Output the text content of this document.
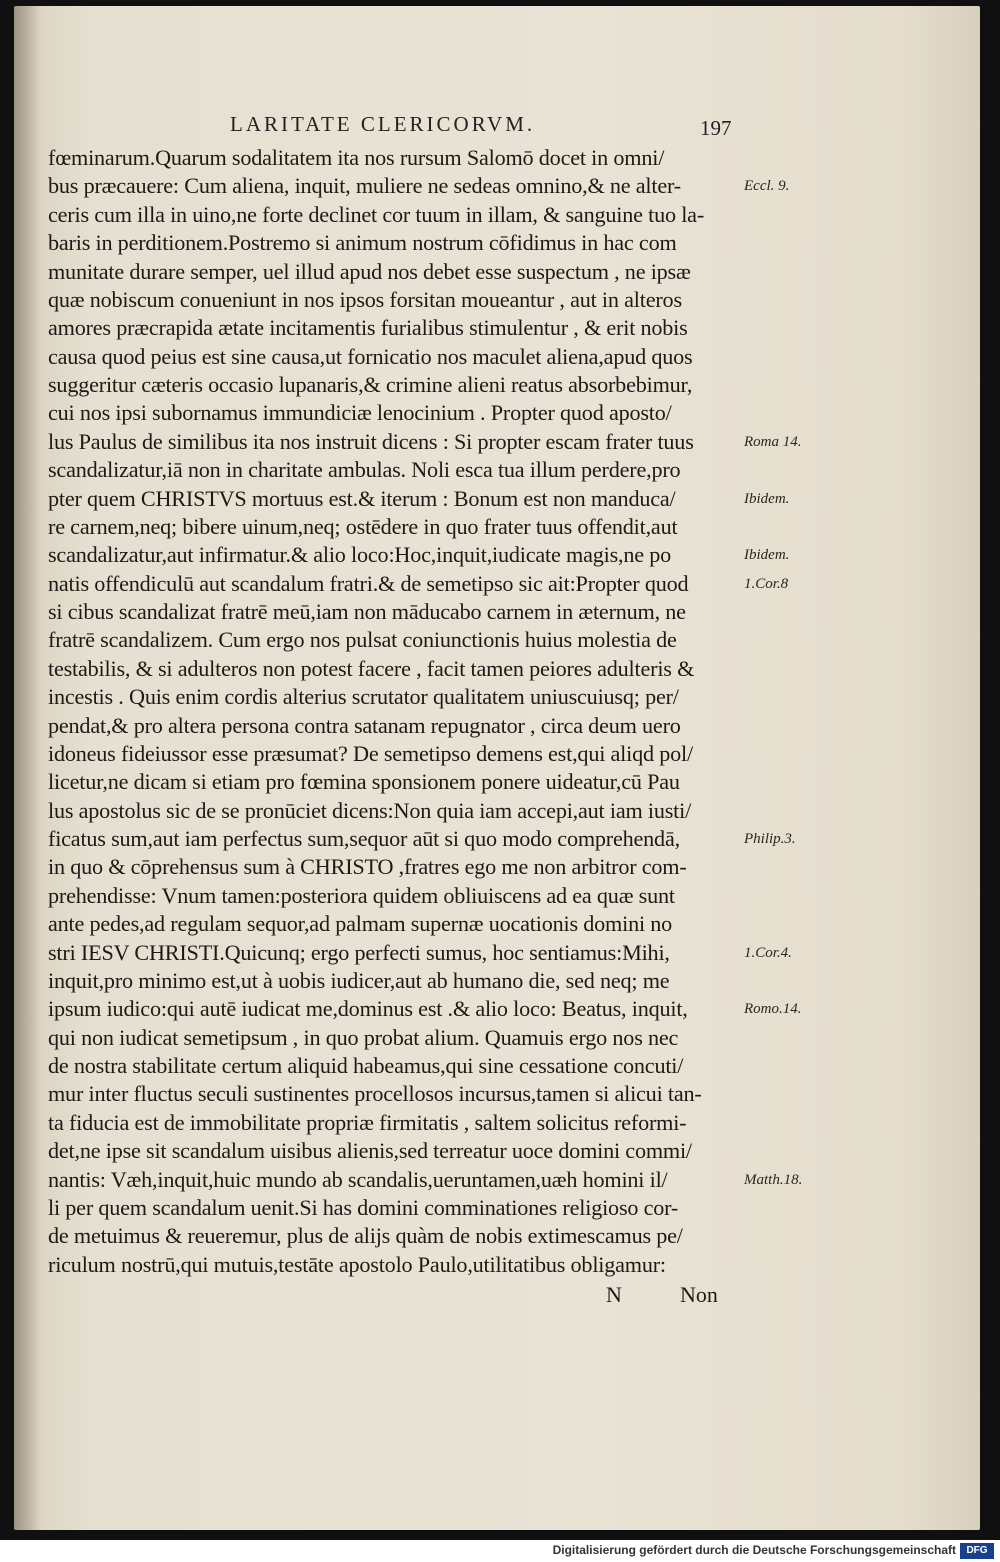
LARITATE CLERICORVM.	197
fœminarum.Quarum sodalitatem ita nos rursum Salomō docet in omni/
bus præcauere: Cum aliena, inquit, muliere ne sedeas omnino,& ne alter-
ceris cum illa in uino,ne forte declinet cor tuum in illam, & sanguine tuo la-
baris in perditionem.Postremo si animum nostrum cōfidimus in hac com
munitate durare semper, uel illud apud nos debet esse suspectum , ne ipsæ
quæ nobiscum conueniunt in nos ipsos forsitan moueantur , aut in alteros
amores præcrapida ætate incitamentis furialibus stimulentur , & erit nobis
causa quod peius est sine causa,ut fornicatio nos maculet aliena,apud quos
suggeritur cæteris occasio lupanaris,& crimine alieni reatus absorbebimur,
cui nos ipsi subornamus immundiciæ lenocinium . Propter quod aposto/
lus Paulus de similibus ita nos instruit dicens : Si propter escam frater tuus
scandalizatur,iā non in charitate ambulas. Noli esca tua illum perdere,pro
pter quem CHRISTVS mortuus est.& iterum : Bonum est non manduca/
re carnem,neq; bibere uinum,neq; ostēdere in quo frater tuus offendit,aut
scandalizatur,aut infirmatur.& alio loco:Hoc,inquit,iudicate magis,ne po
natis offendiculū aut scandalum fratri.& de semetipso sic ait:Propter quod
si cibus scandalizat fratrē meū,iam non māducabo carnem in æternum, ne
fratrē scandalizem. Cum ergo nos pulsat coniunctionis huius molestia de
testabilis, & si adulteros non potest facere , facit tamen peiores adulteris &
incestis . Quis enim cordis alterius scrutator qualitatem uniuscuiusq; per/
pendat,& pro altera persona contra satanam repugnator , circa deum uero
idoneus fideiussor esse præsumat? De semetipso demens est,qui aliqd pol/
licetur,ne dicam si etiam pro fœmina sponsionem ponere uideatur,cū Pau
lus apostolus sic de se pronūciet dicens:Non quia iam accepi,aut iam iusti/
ficatus sum,aut iam perfectus sum,sequor aūt si quo modo comprehendā,
in quo & cōprehensus sum à CHRISTO ,fratres ego me non arbitror com-
prehendisse: Vnum tamen:posteriora quidem obliuiscens ad ea quæ sunt
ante pedes,ad regulam sequor,ad palmam supernæ uocationis domini no
stri IESV CHRISTI.Quicunq; ergo perfecti sumus, hoc sentiamus:Mihi,
inquit,pro minimo est,ut à uobis iudicer,aut ab humano die, sed neq; me
ipsum iudico:qui autē iudicat me,dominus est .& alio loco: Beatus, inquit,
qui non iudicat semetipsum , in quo probat alium. Quamuis ergo nos nec
de nostra stabilitate certum aliquid habeamus,qui sine cessatione concuti/
mur inter fluctus seculi sustinentes procellosos incursus,tamen si alicui tan-
ta fiducia est de immobilitate propriæ firmitatis , saltem solicitus reformi-
det,ne ipse sit scandalum uisibus alienis,sed terreatur uoce domini commi/
nantis: Væh,inquit,huic mundo ab scandalis,ueruntamen,uæh homini il/
li per quem scandalum uenit.Si has domini comminationes religioso cor-
de metuimus & reueremur, plus de alijs quàm de nobis extimescamus pe/
riculum nostrū,qui mutuis,testāte apostolo Paulo,utilitatibus obligamur:
Eccl. 9.
Roma 14.
Ibidem.
Ibidem.
1.Cor.8
Philip.3.
1.Cor.4.
Romo.14.
Matth.18.
N	Non
Digitalisierung gefördert durch die Deutsche Forschungsgemeinschaft	DFG
